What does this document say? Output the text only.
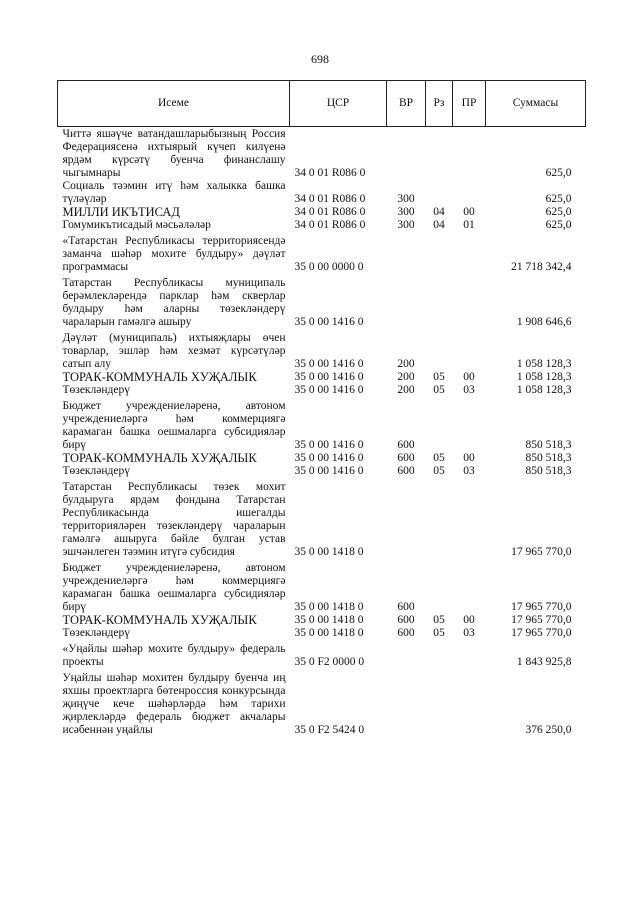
698
Исеме	ЦСР	ВР	Рз	ПР	Суммасы
Читтә яшәүче ватандашларыбызның Россия Федерациясенә ихтыярый күчеп килүенә ярдәм күрсәтү буенча финанслашу чыгымнары	34 0 01 R086 0				625,0
Социаль тәэмин итү һәм халыкка башка түләүләр	34 0 01 R086 0	300			625,0
МИЛЛИ ИКЪТИСАД	34 0 01 R086 0	300	04	00	625,0
Гомумикътисадый мәсьәләләр	34 0 01 R086 0	300	04	01	625,0
«Татарстан Республикасы территориясендә заманча шәһәр мохите булдыру» дәүләт программасы	35 0 00 0000 0				21 718 342,4
Татарстан Республикасы муниципаль берәмлекләрендә парклар һәм скверлар булдыру һәм аларны төзекләндерү чараларын гамәлгә ашыру	35 0 00 1416 0				1 908 646,6
Дәүләт (муниципаль) ихтыяҗлары өчен товарлар, эшләр һәм хезмәт күрсәтүләр сатып алу	35 0 00 1416 0	200			1 058 128,3
ТОРАК-КОММУНАЛЬ ХУҖАЛЫК	35 0 00 1416 0	200	05	00	1 058 128,3
Төзекләндерү	35 0 00 1416 0	200	05	03	1 058 128,3
Бюджет учреждениеләренә, автоном учреждениеләргә һәм коммерциягә карамаган башка оешмаларга субсидияләр бирү	35 0 00 1416 0	600			850 518,3
ТОРАК-КОММУНАЛЬ ХУҖАЛЫК	35 0 00 1416 0	600	05	00	850 518,3
Төзекләндерү	35 0 00 1416 0	600	05	03	850 518,3
Татарстан Республикасы төзек мохит булдыруга ярдәм фондына Татарстан Республикасында ишегалды территорияләрен төзекләндерү чараларын гамәлгә ашыруга бәйле булган устав эшчәнлеген тәэмин итүгә субсидия	35 0 00 1418 0				17 965 770,0
Бюджет учреждениеләренә, автоном учреждениеләргә һәм коммерциягә карамаган башка оешмаларга субсидияләр бирү	35 0 00 1418 0	600			17 965 770,0
ТОРАК-КОММУНАЛЬ ХУҖАЛЫК	35 0 00 1418 0	600	05	00	17 965 770,0
Төзекләндерү	35 0 00 1418 0	600	05	03	17 965 770,0
«Уңайлы шәһәр мохите булдыру» федераль проекты	35 0 F2 0000 0				1 843 925,8
Уңайлы шәһәр мохитен булдыру буенча иң яхшы проектларга бөтенроссия конкурсында җиңүче кече шәһәрләрдә һәм тарихи җирлекләрдә федераль бюджет акчалары исәбеннән уңайлы	35 0 F2 5424 0				376 250,0
